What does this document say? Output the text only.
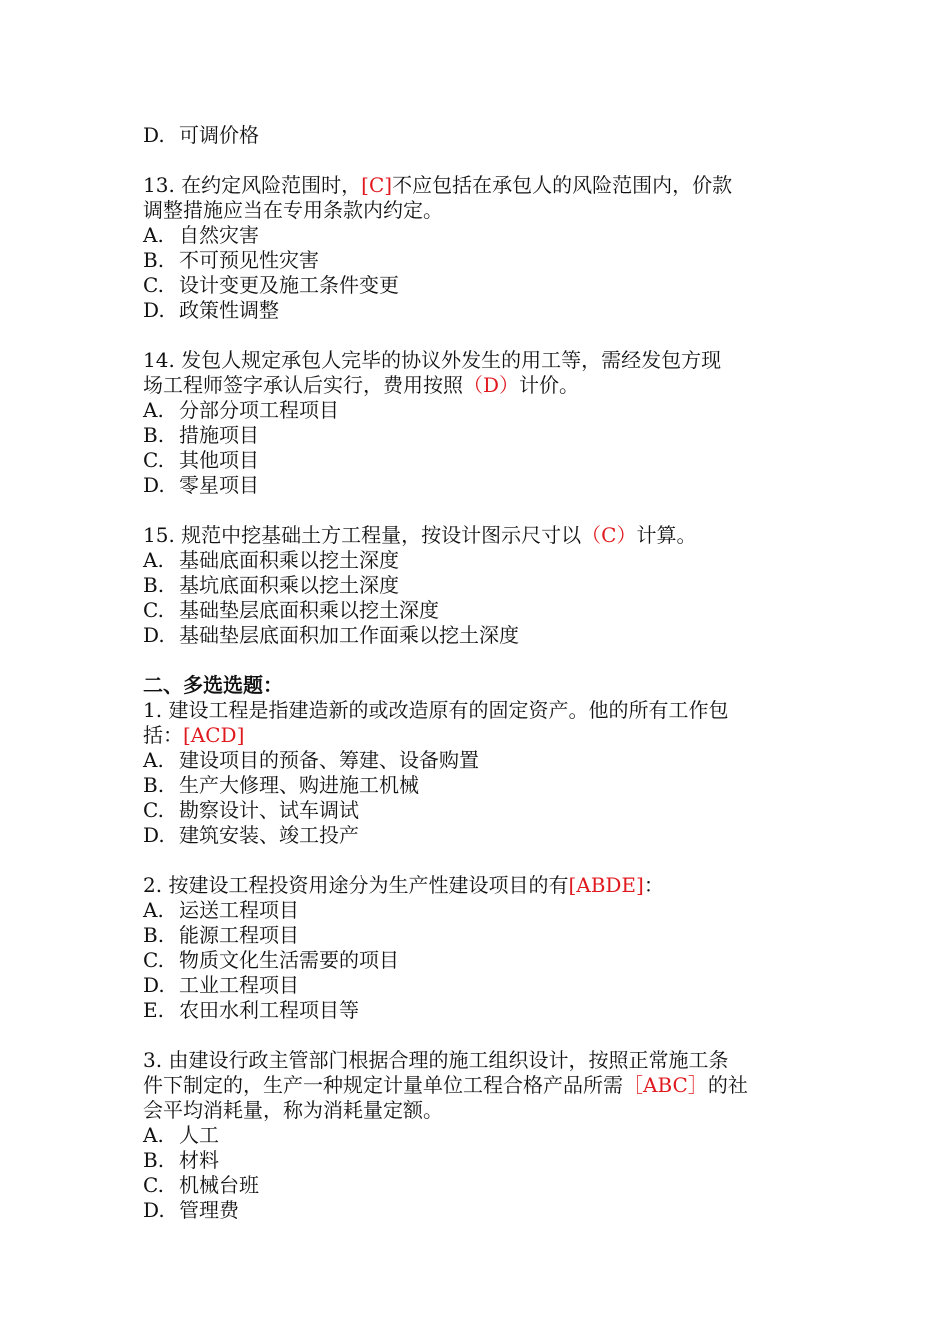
D. 可调价格

13. 在约定风险范围时，[C]不应包括在承包人的风险范围内，价款

调整措施应当在专用条款内约定。

A. 自然灾害

B. 不可预见性灾害

C. 设计变更及施工条件变更

D. 政策性调整

14. 发包人规定承包人完毕的协议外发生的用工等，需经发包方现

场工程师签字承认后实行，费用按照（D）计价。

A. 分部分项工程项目

B. 措施项目

C. 其他项目

D. 零星项目

15. 规范中挖基础土方工程量，按设计图示尺寸以（C）计算。

A. 基础底面积乘以挖土深度

B. 基坑底面积乘以挖土深度

C. 基础垫层底面积乘以挖土深度

D. 基础垫层底面积加工作面乘以挖土深度

二、多选选题：

1. 建设工程是指建造新的或改造原有的固定资产。他的所有工作包

括：[ACD]

A. 建设项目的预备、筹建、设备购置

B. 生产大修理、购进施工机械

C. 勘察设计、试车调试

D. 建筑安装、竣工投产

2. 按建设工程投资用途分为生产性建设项目的有[ABDE]：

A. 运送工程项目

B. 能源工程项目

C. 物质文化生活需要的项目

D. 工业工程项目

E. 农田水利工程项目等

3. 由建设行政主管部门根据合理的施工组织设计，按照正常施工条

件下制定的，生产一种规定计量单位工程合格产品所需［ABC］的社

会平均消耗量，称为消耗量定额。

A. 人工

B. 材料

C. 机械台班

D. 管理费
